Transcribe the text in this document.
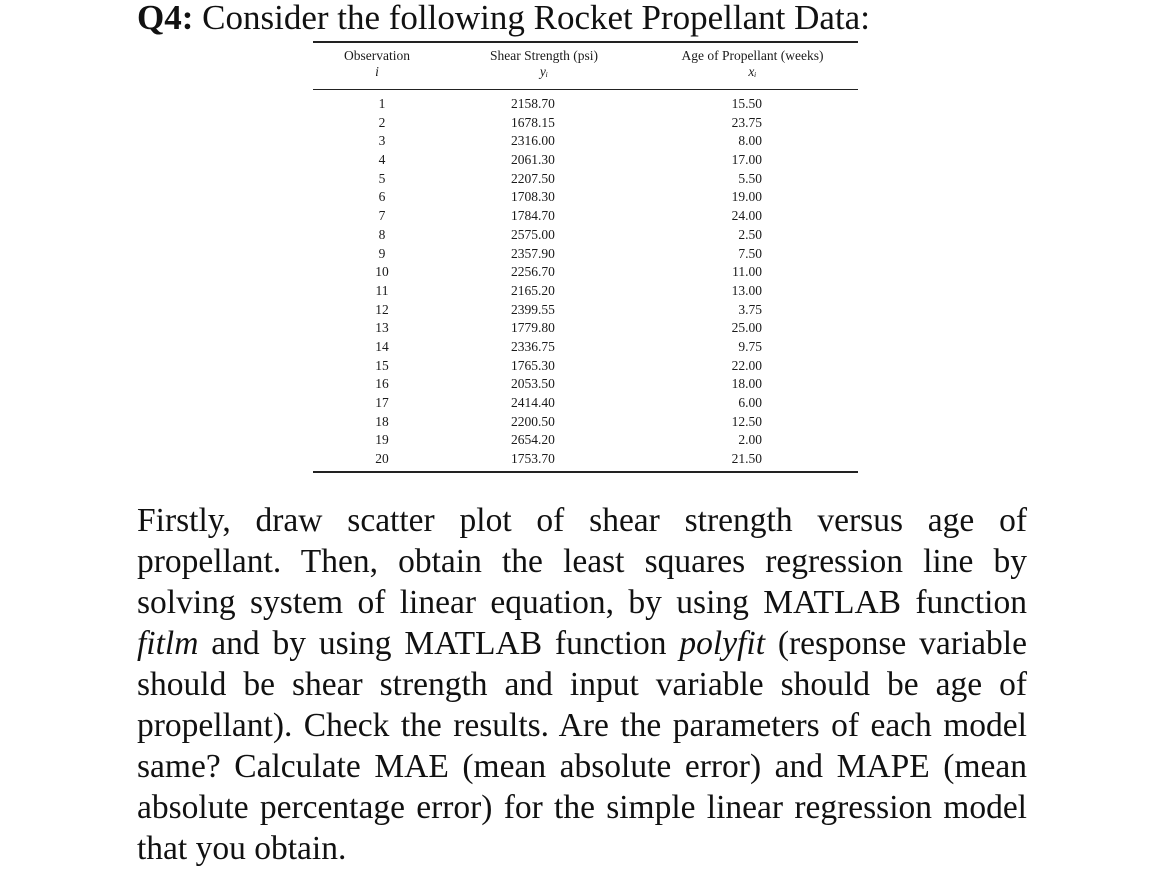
Q4: Consider the following Rocket Propellant Data:
Observation	Shear Strength (psi)	Age of Propellant (weeks)
i	yᵢ	xᵢ
1	2158.70	15.50
2	1678.15	23.75
3	2316.00	8.00
4	2061.30	17.00
5	2207.50	5.50
6	1708.30	19.00
7	1784.70	24.00
8	2575.00	2.50
9	2357.90	7.50
10	2256.70	11.00
11	2165.20	13.00
12	2399.55	3.75
13	1779.80	25.00
14	2336.75	9.75
15	1765.30	22.00
16	2053.50	18.00
17	2414.40	6.00
18	2200.50	12.50
19	2654.20	2.00
20	1753.70	21.50

Firstly, draw scatter plot of shear strength versus age of propellant. Then, obtain the least squares regression line by solving system of linear equation, by using MATLAB function fitlm and by using MATLAB function polyfit (response variable should be shear strength and input variable should be age of propellant). Check the results. Are the parameters of each model same? Calculate MAE (mean absolute error) and MAPE (mean absolute percentage error) for the simple linear regression model that you obtain.
